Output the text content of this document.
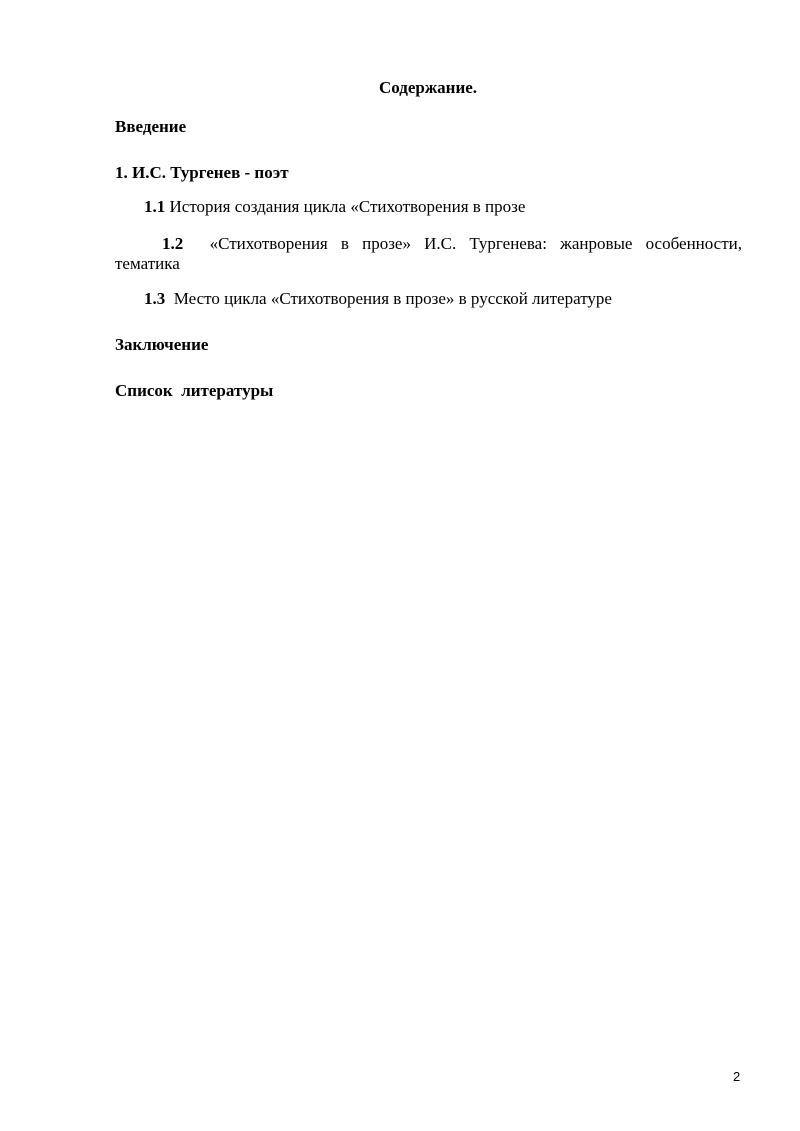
Содержание.
Введение
1. И.С. Тургенев - поэт
1.1 История создания цикла «Стихотворения в прозе
1.2 «Стихотворения в прозе» И.С. Тургенева: жанровые особенности,
тематика
1.3 Место цикла «Стихотворения в прозе» в русской литературе
Заключение
Список  литературы
2
